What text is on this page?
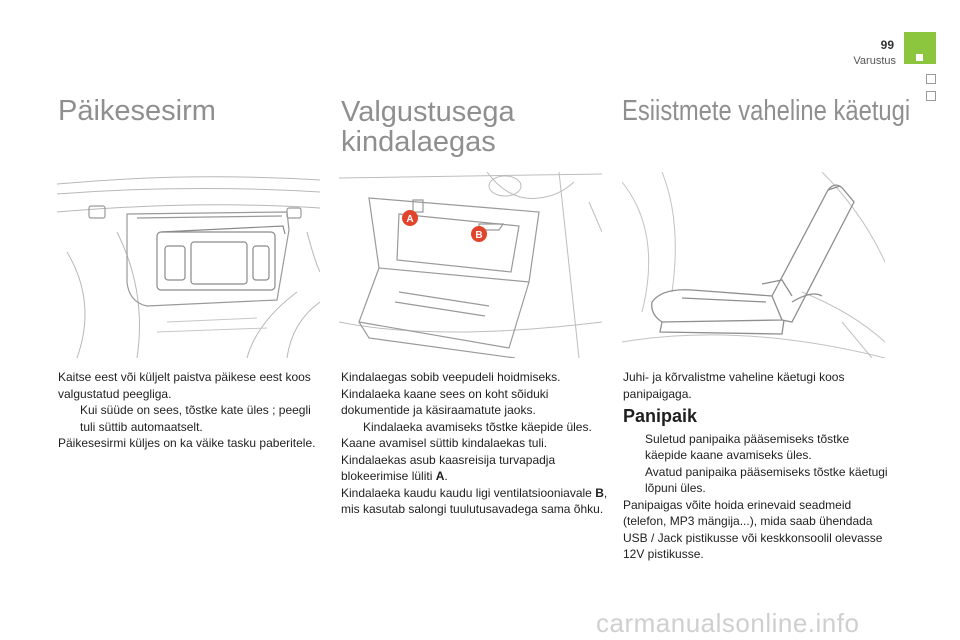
99
Varustus
Päikesesirm	Valgustusega kindalaegas
Esiistmete vaheline käetugi
A
B

Kaitse eest või küljelt paistva päikese eest koos valgustatud peegliga.

Kui süüde on sees, tõstke kate üles ; peegli tuli süttib automaatselt.

Päikesesirmi küljes on ka väike tasku paberitele.

Kindalaegas sobib veepudeli hoidmiseks.

Kindalaeka kaane sees on koht sõiduki dokumentide ja käsiraamatute jaoks.

Kindalaeka avamiseks tõstke käepide üles.

Kaane avamisel süttib kindalaekas tuli.

Kindalaekas asub kaasreisija turvapadja blokeerimise lüliti A.

Kindalaeka kaudu kaudu ligi ventilatsiooniavale B, mis kasutab salongi tuulutusavadega sama õhku.

Juhi- ja kõrvalistme vaheline käetugi koos panipaigaga.

Panipaik

Suletud panipaika pääsemiseks tõstke käepide kaane avamiseks üles.

Avatud panipaika pääsemiseks tõstke käetugi lõpuni üles.

Panipaigas võite hoida erinevaid seadmeid (telefon, MP3 mängija...), mida saab ühendada USB / Jack pistikusse või keskkonsoolil olevasse 12V pistikusse.

carmanualsonline.info
